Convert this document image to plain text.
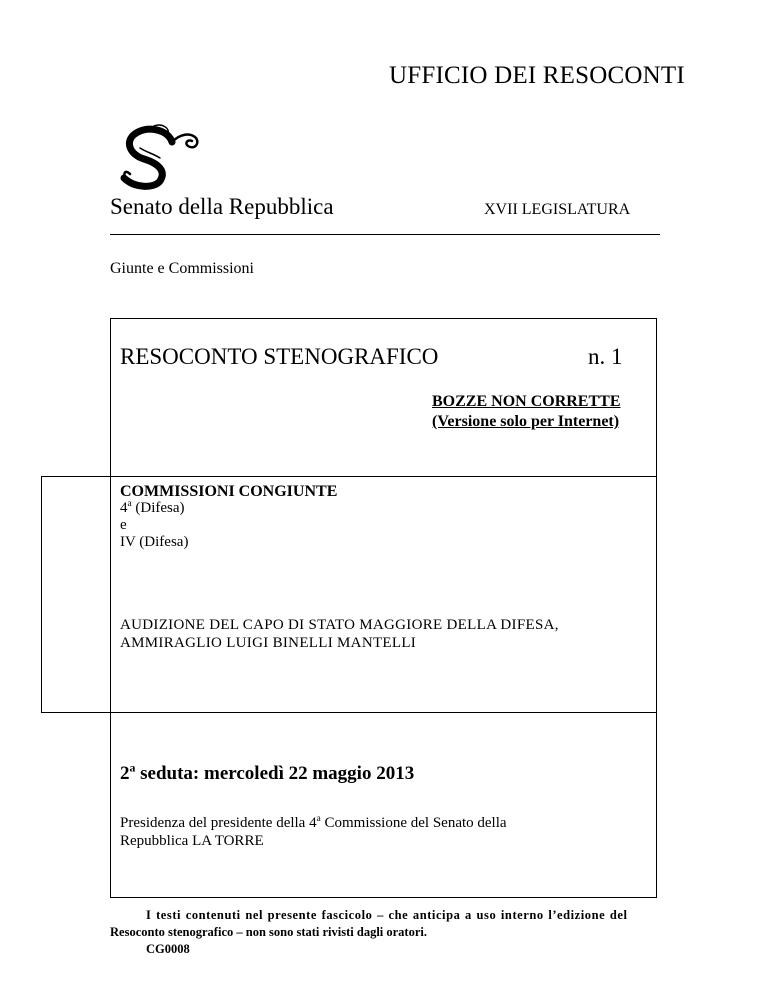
UFFICIO DEI RESOCONTI
Senato della Repubblica	XVII LEGISLATURA
Giunte e Commissioni
RESOCONTO STENOGRAFICO	n. 1
BOZZE NON CORRETTE
(Versione solo per Internet)
COMMISSIONI CONGIUNTE
4$^a$ (Difesa)
e
IV (Difesa)
AUDIZIONE DEL CAPO DI STATO MAGGIORE DELLA DIFESA,
AMMIRAGLIO LUIGI BINELLI MANTELLI
2$^a$ seduta: mercoledì 22 maggio 2013
Presidenza del presidente della 4$^a$ Commissione del Senato della
Repubblica LA TORRE
I testi contenuti nel presente fascicolo – che anticipa a uso interno l’edizione del
Resoconto stenografico – non sono stati rivisti dagli oratori.
CG0008
